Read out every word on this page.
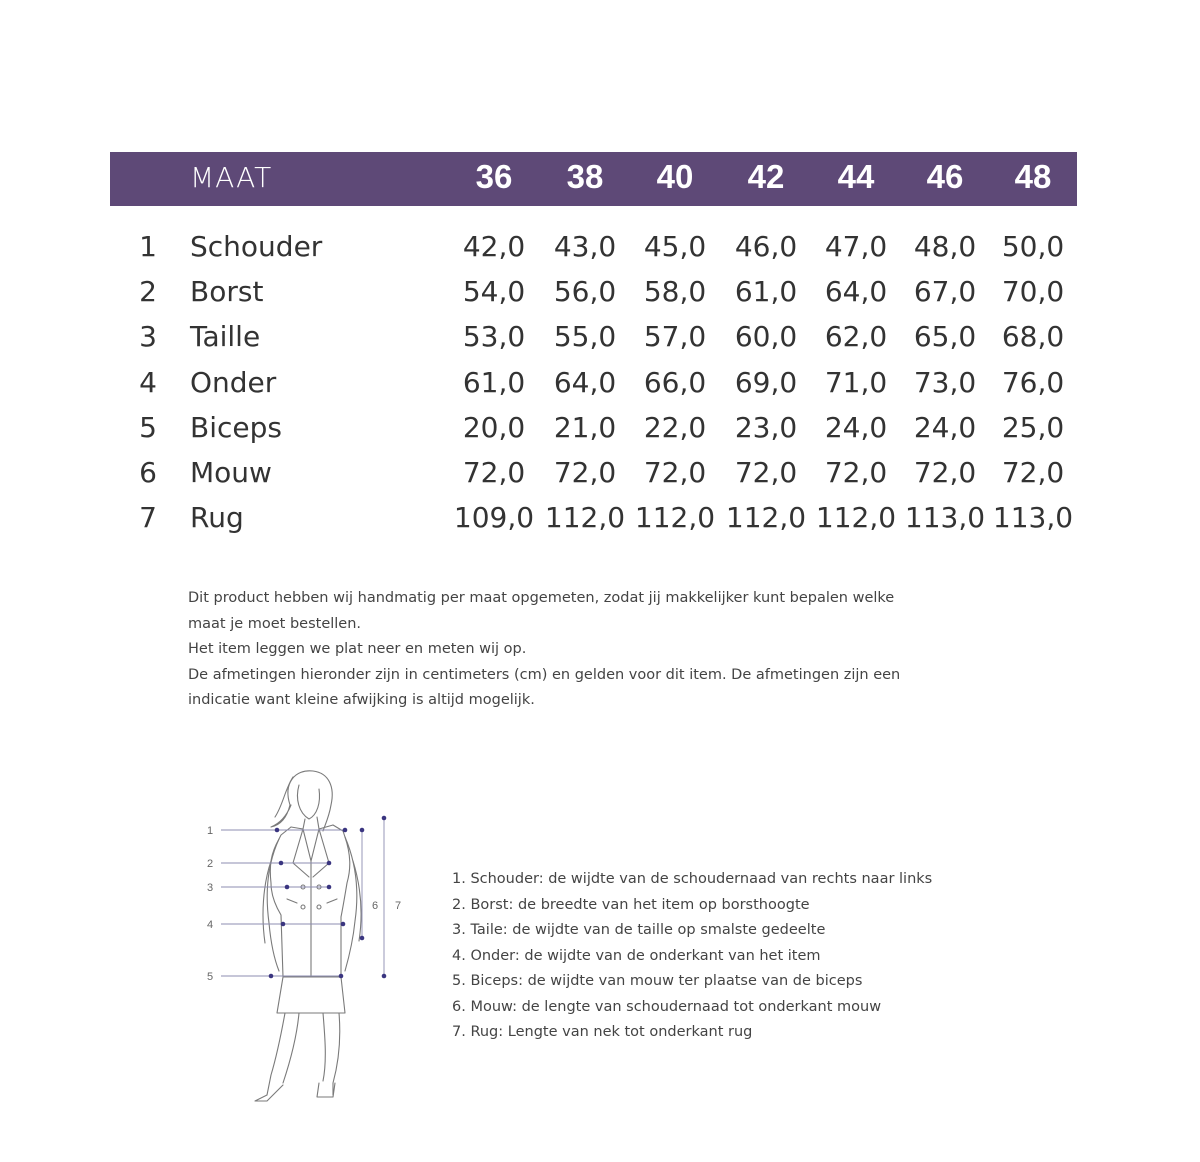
MAAT	36	38	40	42	44	46	48
1 Schouder	42,0	43,0 45,0	46,0 47,0 48,0 50,0
2 Borst	54,0	56,0 58,0	61,0 64,0 67,0 70,0
3 Taille	53,0	55,0 57,0	60,0 62,0 65,0 68,0
4 Onder	61,0	64,0 66,0	69,0 71,0 73,0 76,0
5 Biceps	20,0	21,0 22,0	23,0 24,0 24,0 25,0
6 Mouw	72,0	72,0 72,0	72,0 72,0 72,0 72,0
7 Rug	109,0 112,0 112,0 112,0 112,0 113,0 113,0

Dit product hebben wij handmatig per maat opgemeten, zodat jij makkelijker kunt bepalen welke maat je moet bestellen.

Het item leggen we plat neer en meten wij op.

De afmetingen hieronder zijn in centimeters (cm) en gelden voor dit item. De afmetingen zijn een indicatie want kleine afwijking is altijd mogelijk.

1
2
3
4
5
6 7
1. Schouder: de wijdte van de schoudernaad van rechts naar links
2. Borst: de breedte van het item op borsthoogte
3. Taile: de wijdte van de taille op smalste gedeelte
4. Onder: de wijdte van de onderkant van het item
5. Biceps: de wijdte van mouw ter plaatse van de biceps
6. Mouw: de lengte van schoudernaad tot onderkant mouw
7. Rug: Lengte van nek tot onderkant rug
